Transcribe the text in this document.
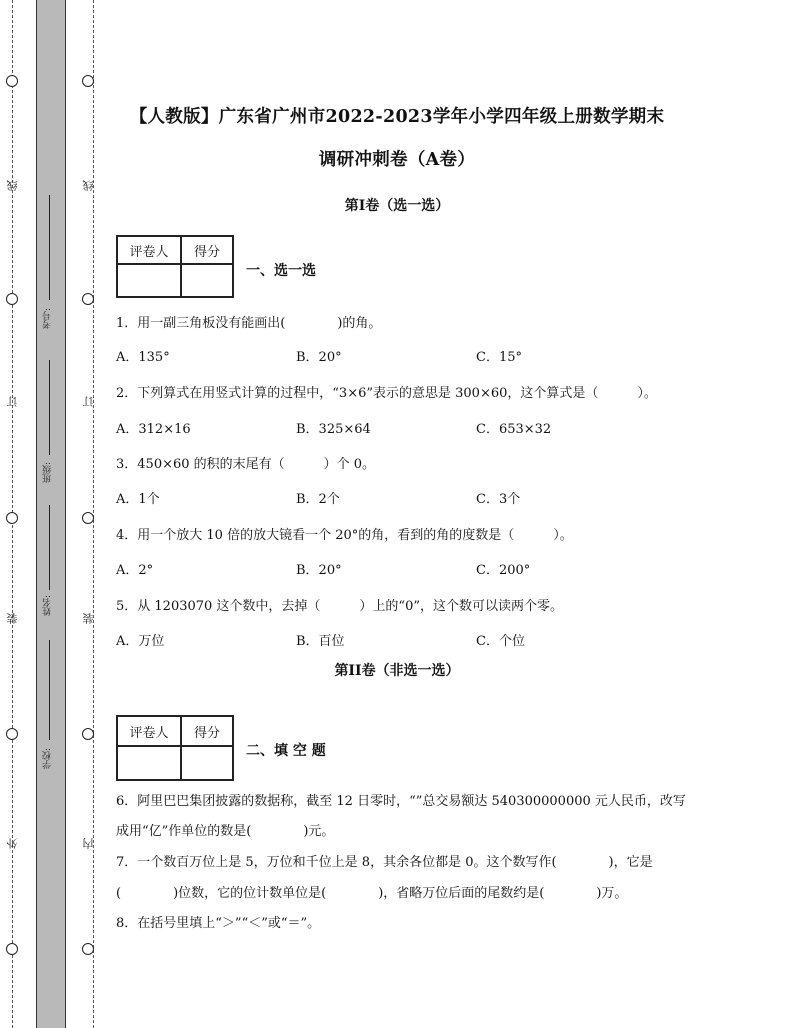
线
订
装
外
线
订
装
内
考号:
班级:
姓名:
学校:
【人教版】广东省广州市2022-2023学年小学四年级上册数学期末
调研冲刺卷（A卷）
第I卷（选一选）
评卷人	得分

一、选一选
1．用一副三角板没有能画出(　　　　)的角。
A．135°	B．20°	C．15°
2．下列算式在用竖式计算的过程中，“3×6”表示的意思是 300×60，这个算式是（　　　）。
A．312×16	B．325×64	C．653×32
3．450×60 的积的末尾有（　　　）个 0。
A．1个	B．2个	C．3个
4．用一个放大 10 倍的放大镜看一个 20°的角，看到的角的度数是（　　　）。
A．2°	B．20°	C．200°
5．从 1203070 这个数中，去掉（　　　）上的“0”，这个数可以读两个零。
A．万位	B．百位	C．个位
第II卷（非选一选）
评卷人	得分

二、填 空 题
6．阿里巴巴集团披露的数据称，截至 12 日零时，“”总交易额达 540300000000 元人民币，改写
成用“亿”作单位的数是(　　　　)元。
7．一个数百万位上是 5，万位和千位上是 8，其余各位都是 0。这个数写作(　　　　)，它是
(　　　　)位数，它的位计数单位是(　　　　)，省略万位后面的尾数约是(　　　　)万。
8．在括号里填上“＞”“＜”或“＝”。
